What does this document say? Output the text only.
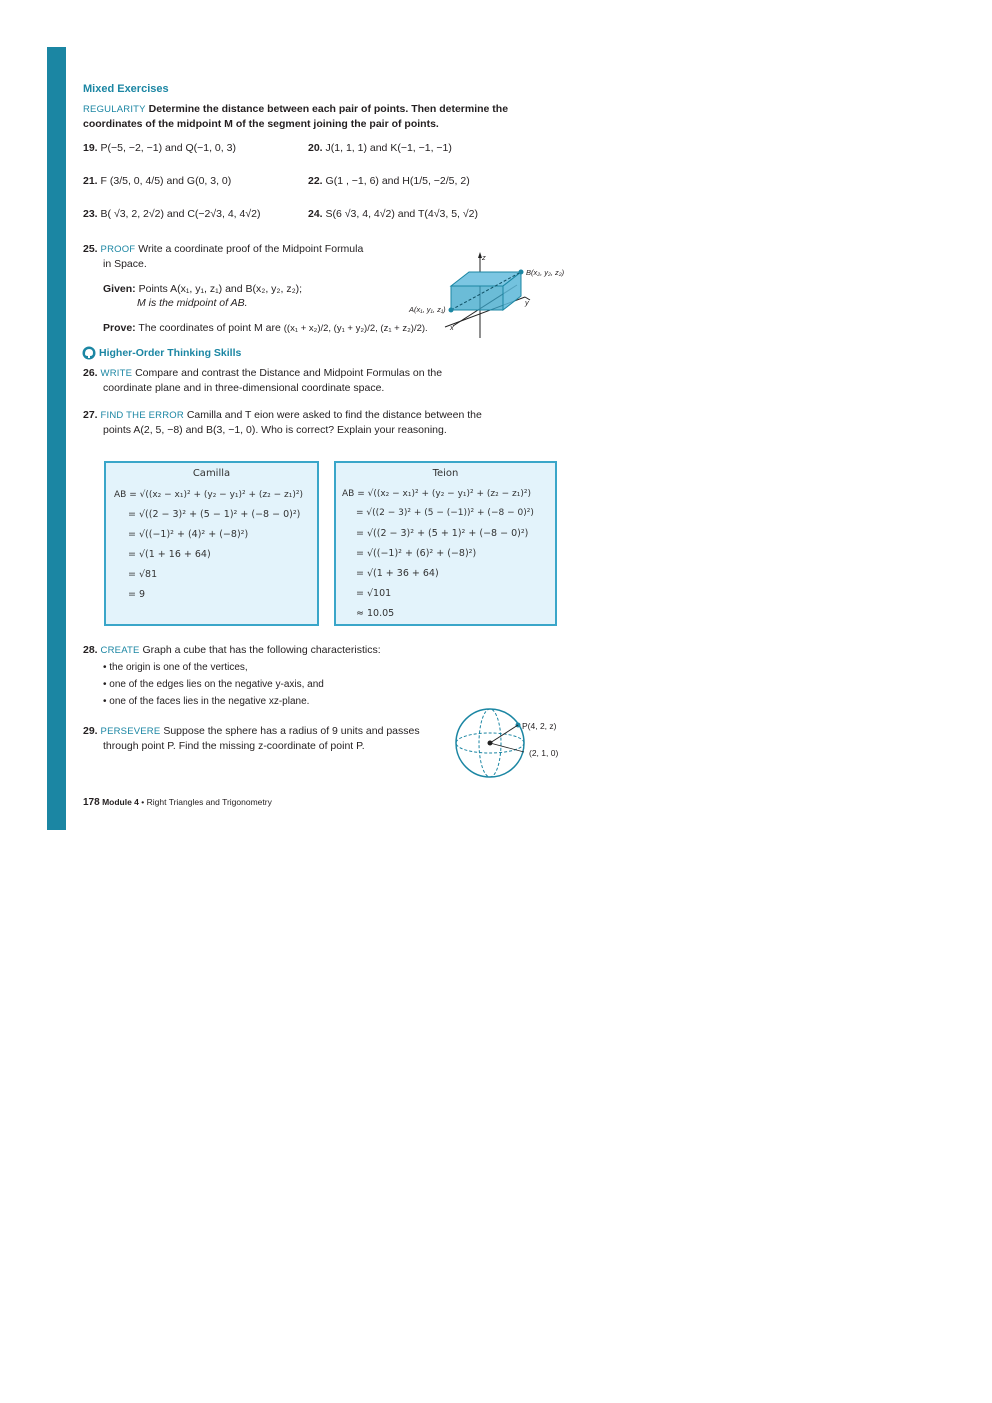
Mixed Exercises
REGULARITY Determine the distance between each pair of points. Then determine the
coordinates of the midpoint M of the segment joining the pair of points.
19. P(−5, −2, −1) and Q(−1, 0, 3)	20. J(1, 1, 1) and K(−1, −1, −1)
21. F (3/5, 0, 4/5) and G(0, 3, 0)	22. G(1 , −1, 6) and H(1/5, −2/5, 2)
23. B( √3, 2, 2√2) and C(−2√3, 4, 4√2)	24. S(6 √3, 4, 4√2) and T(4√3, 5, √2)
25. PROOF Write a coordinate proof of the Midpoint Formula
in Space.
Given: Points A(x₁, y₁, z₁) and B(x₂, y₂, z₂);
M is the midpoint of AB.
Prove: The coordinates of point M are ((x₁ + x₂)/2, (y₁ + y₂)/2, (z₁ + z₂)/2).
B(x₂, y₂, z₂)
A(x₁, y₁, z₁)
z
y
x
Higher-Order Thinking Skills
26. WRITE Compare and contrast the Distance and Midpoint Formulas on the
coordinate plane and in three-dimensional coordinate space.
27. FIND THE ERROR Camilla and T eion were asked to find the distance between the
points A(2, 5, −8) and B(3, −1, 0). Who is correct? Explain your reasoning.
Camilla
AB = √((x₂ − x₁)² + (y₂ − y₁)² + (z₂ − z₁)²)
= √((2 − 3)² + (5 − 1)² + (−8 − 0)²)
= √((−1)² + (4)² + (−8)²)
= √(1 + 16 + 64)
= √81
= 9
Teion
AB = √((x₂ − x₁)² + (y₂ − y₁)² + (z₂ − z₁)²)
= √((2 − 3)² + (5 − (−1))² + (−8 − 0)²)
= √((2 − 3)² + (5 + 1)² + (−8 − 0)²)
= √((−1)² + (6)² + (−8)²)
= √(1 + 36 + 64)
= √101
≈ 10.05
28. CREATE Graph a cube that has the following characteristics:
• the origin is one of the vertices,
• one of the edges lies on the negative y-axis, and
• one of the faces lies in the negative xz-plane.
29. PERSEVERE Suppose the sphere has a radius of 9 units and passes
through point P. Find the missing z-coordinate of point P.
P(4, 2, z)
(2, 1, 0)
178 Module 4 • Right Triangles and Trigonometry
